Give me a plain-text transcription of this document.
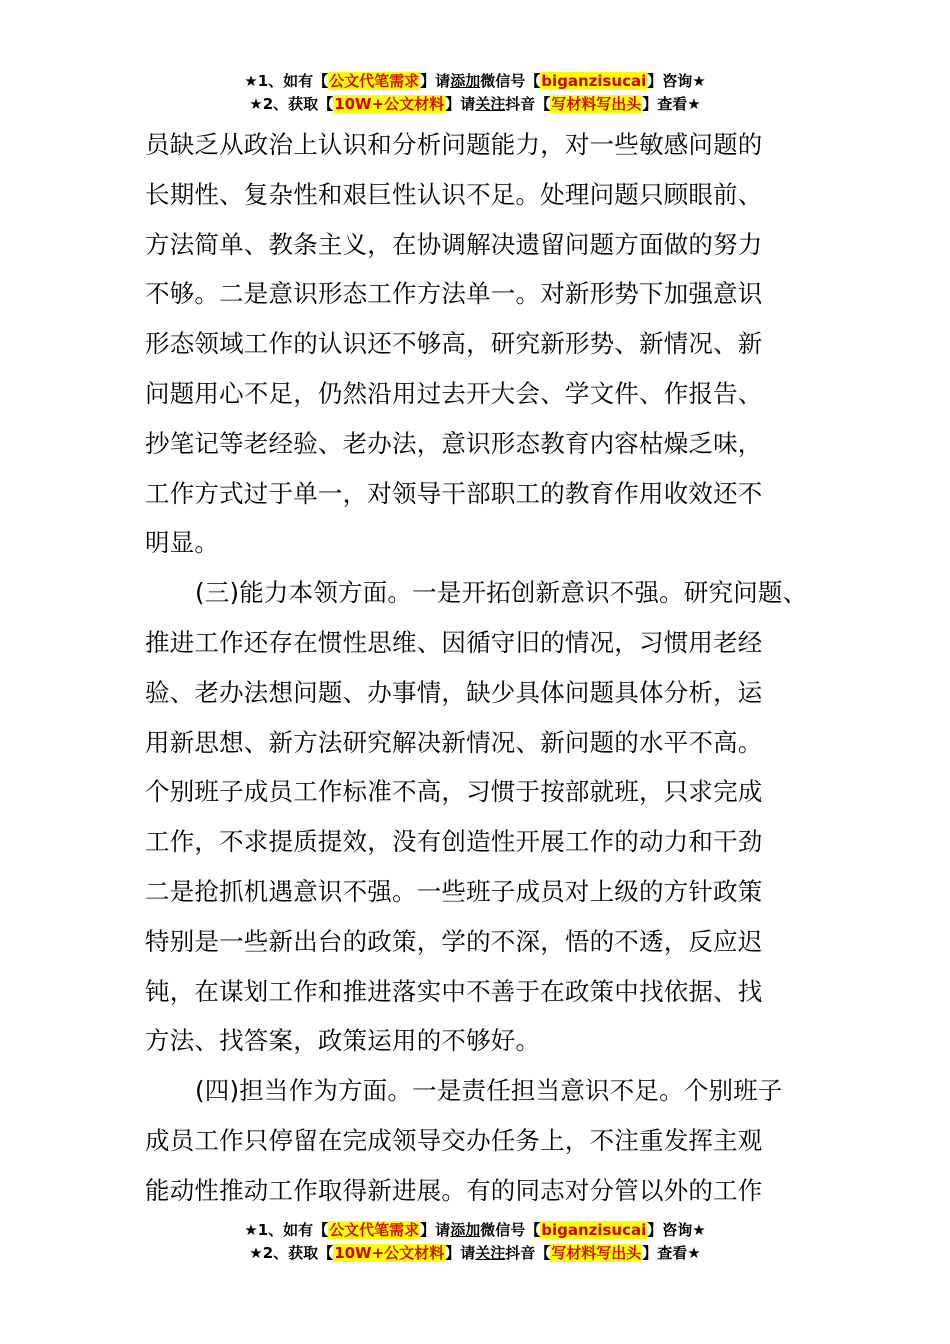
★1、如有【公文代笔需求】请添加微信号【biganzisucai】咨询★
★2、获取【10W+公文材料】请关注抖音【写材料写出头】查看★
员缺乏从政治上认识和分析问题能力，对一些敏感问题的
长期性、复杂性和艰巨性认识不足。处理问题只顾眼前、
方法简单、教条主义，在协调解决遗留问题方面做的努力
不够。二是意识形态工作方法单一。对新形势下加强意识
形态领域工作的认识还不够高，研究新形势、新情况、新
问题用心不足，仍然沿用过去开大会、学文件、作报告、
抄笔记等老经验、老办法，意识形态教育内容枯燥乏味，
工作方式过于单一，对领导干部职工的教育作用收效还不
明显。
(三)能力本领方面。一是开拓创新意识不强。研究问题、
推进工作还存在惯性思维、因循守旧的情况，习惯用老经
验、老办法想问题、办事情，缺少具体问题具体分析，运
用新思想、新方法研究解决新情况、新问题的水平不高。
个别班子成员工作标准不高，习惯于按部就班，只求完成
工作，不求提质提效，没有创造性开展工作的动力和干劲
二是抢抓机遇意识不强。一些班子成员对上级的方针政策
特别是一些新出台的政策，学的不深，悟的不透，反应迟
钝，在谋划工作和推进落实中不善于在政策中找依据、找
方法、找答案，政策运用的不够好。
(四)担当作为方面。一是责任担当意识不足。个别班子
成员工作只停留在完成领导交办任务上，不注重发挥主观
能动性推动工作取得新进展。有的同志对分管以外的工作
★1、如有【公文代笔需求】请添加微信号【biganzisucai】咨询★
★2、获取【10W+公文材料】请关注抖音【写材料写出头】查看★
